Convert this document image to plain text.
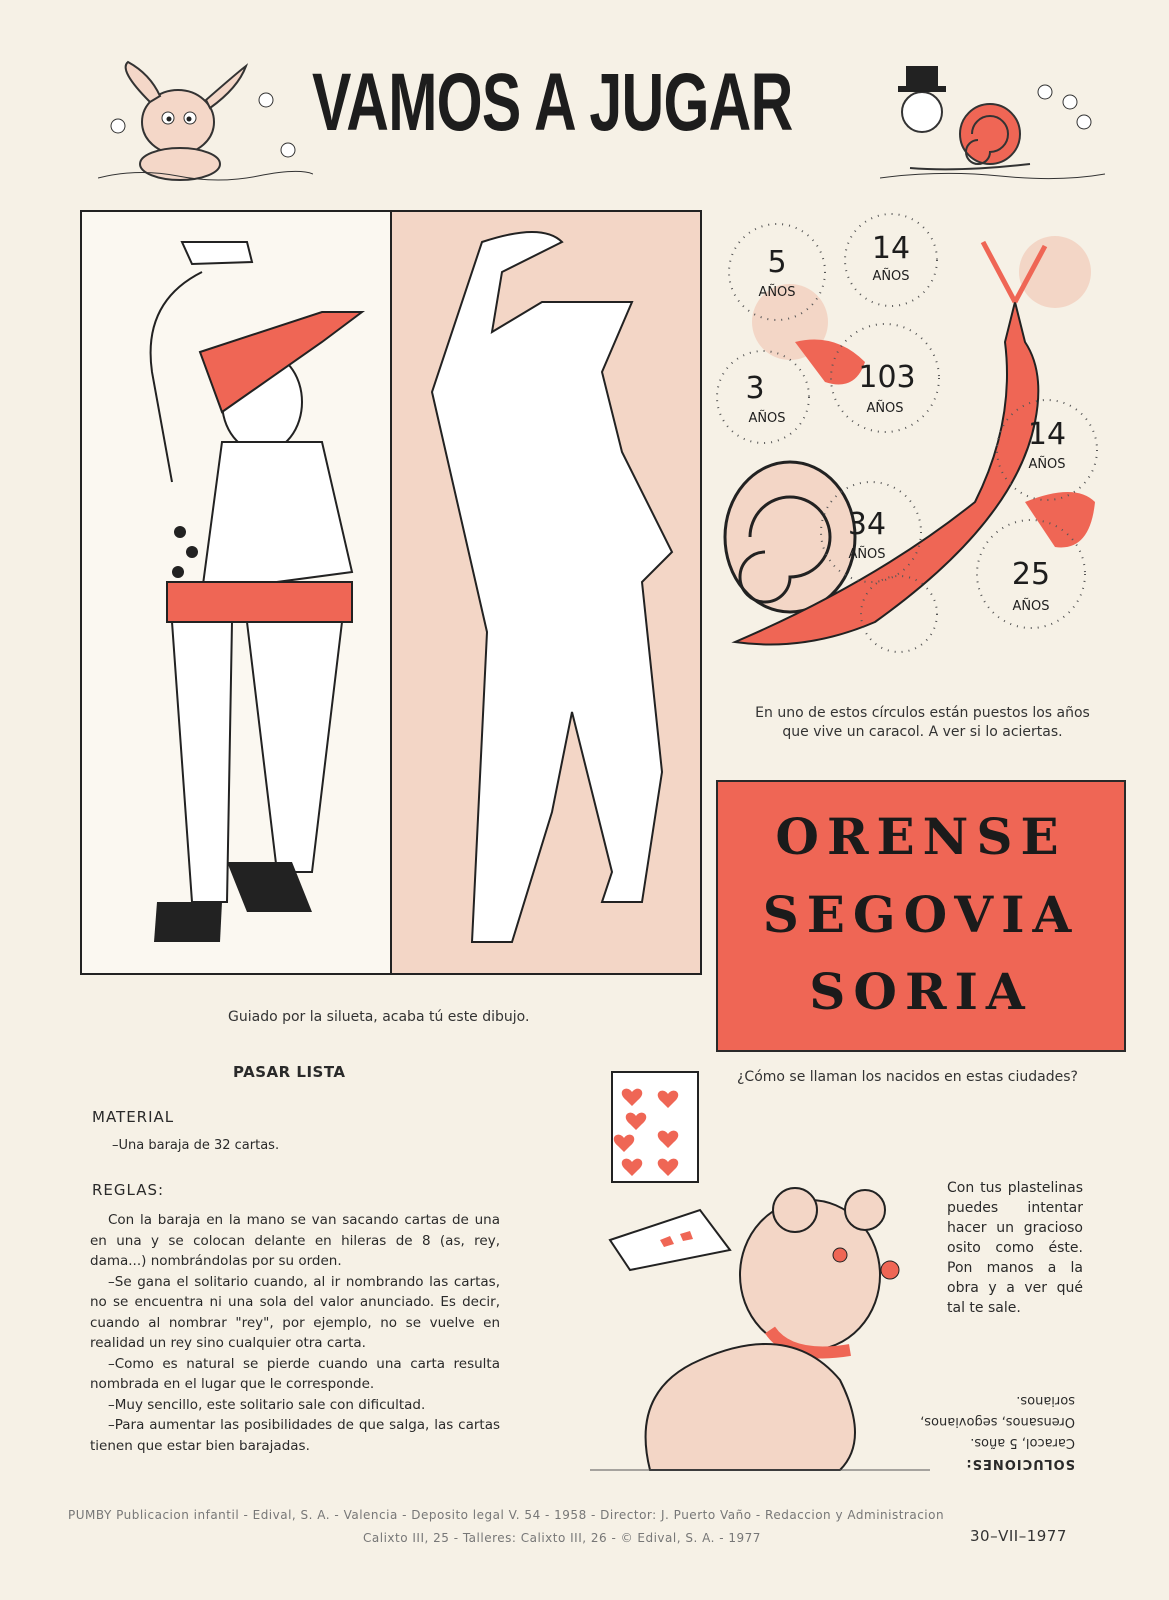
VAMOS A JUGAR
Guiado por la silueta, acaba tú este dibujo.
5
AÑOS
14
AÑOS
3
AÑOS
103
AÑOS
14
AÑOS
34
AÑOS
25
AÑOS
En uno de estos círculos están puestos los años que vive un caracol. A ver si lo aciertas.
ORENSE
SEGOVIA
SORIA
¿Cómo se llaman los nacidos en estas ciudades?
PASAR LISTA
MATERIAL
–Una baraja de 32 cartas.
REGLAS:

Con la baraja en la mano se van sacando cartas de una en una y se colocan delante en hileras de 8 (as, rey, dama...) nombrándolas por su orden.

–Se gana el solitario cuando, al ir nombrando las cartas, no se encuentra ni una sola del valor anunciado. Es decir, cuando al nombrar "rey", por ejemplo, no se vuelve en realidad un rey sino cualquier otra carta.

–Como es natural se pierde cuando una carta resulta nombrada en el lugar que le corresponde.

–Muy sencillo, este solitario sale con dificultad.

–Para aumentar las posibilidades de que salga, las cartas tienen que estar bien barajadas.

Con tus plastelinas puedes intentar hacer un gracioso osito como éste. Pon manos a la obra y a ver qué tal te sale.
SOLUCIONES:
Caracol, 5 años.
Orensanos, segovianos, sorianos.
PUMBY Publicacion infantil - Edival, S. A. - Valencia - Deposito legal V. 54 - 1958 - Director: J. Puerto Vaño - Redaccion y Administracion
Calixto III, 25 - Talleres: Calixto III, 26 - © Edival, S. A. - 1977	30–VII–1977
